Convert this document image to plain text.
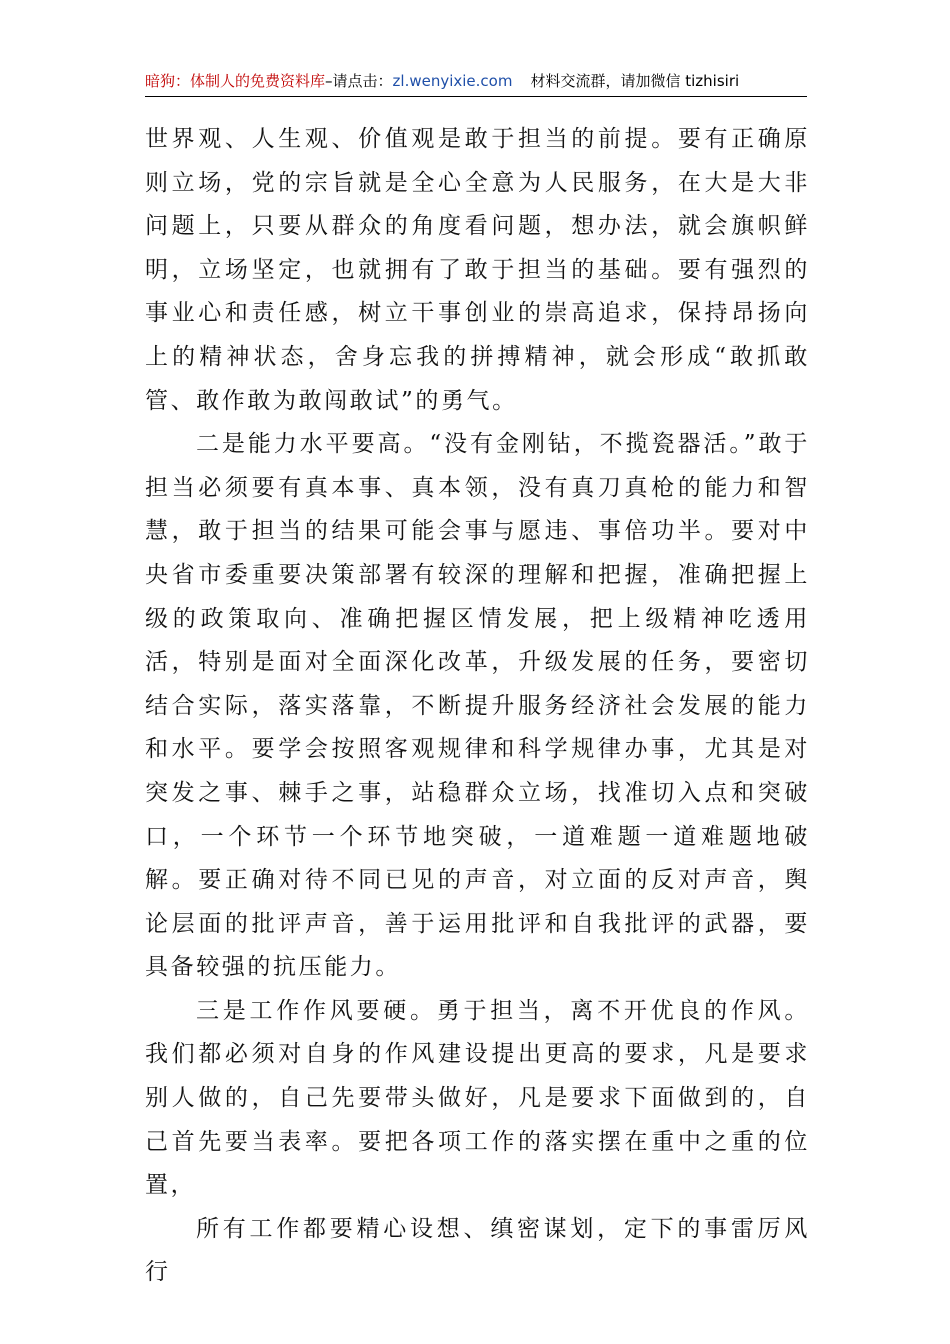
暗狗：体制人的免费资料库–请点击：zl.wenyixie.com 材料交流群，请加微信 tizhisiri

世界观、人生观、价值观是敢于担当的前提。要有正确原则立场，党的宗旨就是全心全意为人民服务，在大是大非问题上，只要从群众的角度看问题，想办法，就会旗帜鲜明，立场坚定，也就拥有了敢于担当的基础。要有强烈的事业心和责任感，树立干事创业的崇高追求，保持昂扬向上的精神状态，舍身忘我的拼搏精神，就会形成“敢抓敢管、敢作敢为敢闯敢试”的勇气。

二是能力水平要高。“没有金刚钻，不揽瓷器活。”敢于担当必须要有真本事、真本领，没有真刀真枪的能力和智慧，敢于担当的结果可能会事与愿违、事倍功半。要对中央省市委重要决策部署有较深的理解和把握，准确把握上级的政策取向、准确把握区情发展，把上级精神吃透用活，特别是面对全面深化改革，升级发展的任务，要密切结合实际，落实落靠，不断提升服务经济社会发展的能力和水平。要学会按照客观规律和科学规律办事，尤其是对突发之事、棘手之事，站稳群众立场，找准切入点和突破口，一个环节一个环节地突破，一道难题一道难题地破解。要正确对待不同已见的声音，对立面的反对声音，舆论层面的批评声音，善于运用批评和自我批评的武器，要具备较强的抗压能力。

三是工作作风要硬。勇于担当，离不开优良的作风。我们都必须对自身的作风建设提出更高的要求，凡是要求别人做的，自己先要带头做好，凡是要求下面做到的，自己首先要当表率。要把各项工作的落实摆在重中之重的位置，

所有工作都要精心设想、缜密谋划，定下的事雷厉风行
